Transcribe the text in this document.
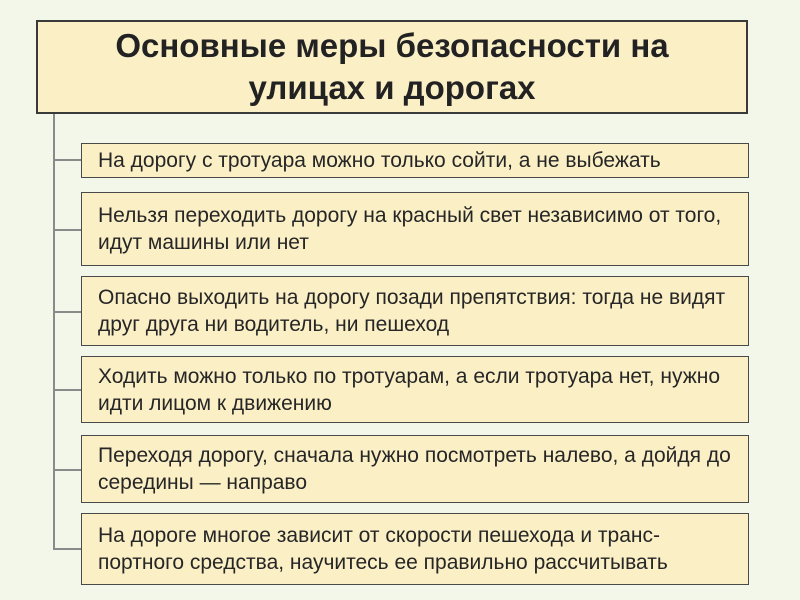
Основные меры безопасности на улицах и дорогах
На дорогу с тротуара можно только сойти, а не выбежать
Нельзя переходить дорогу на красный свет независимо от того, идут машины или нет
Опасно выходить на дорогу позади препятствия: тогда не видят друг друга ни водитель, ни пешеход
Ходить можно только по тротуарам, а если тротуара нет, нужно идти лицом к движению
Переходя дорогу, сначала нужно посмотреть налево, а дойдя до середины — направо
На дороге многое зависит от скорости пешехода и транс-портного средства, научитесь ее правильно рассчитывать
